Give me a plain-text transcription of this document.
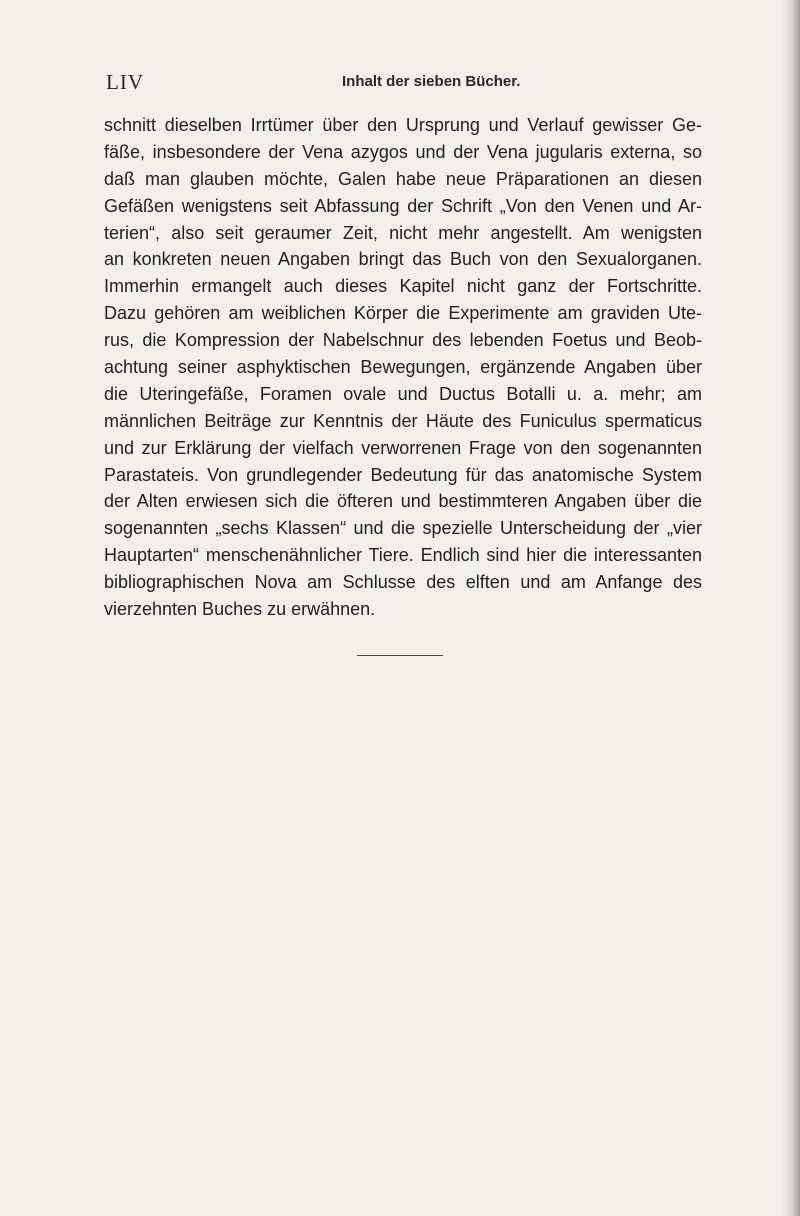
LIV	Inhalt der sieben Bücher.
schnitt dieselben Irrtümer über den Ursprung und Verlauf gewisser Ge-
fäße, insbesondere der Vena azygos und der Vena jugularis externa, so
daß man glauben möchte, Galen habe neue Präparationen an diesen
Gefäßen wenigstens seit Abfassung der Schrift „Von den Venen und Ar-
terien“, also seit geraumer Zeit, nicht mehr angestellt. Am wenigsten
an konkreten neuen Angaben bringt das Buch von den Sexualorganen.
Immerhin ermangelt auch dieses Kapitel nicht ganz der Fortschritte.
Dazu gehören am weiblichen Körper die Experimente am graviden Ute-
rus, die Kompression der Nabelschnur des lebenden Foetus und Beob-
achtung seiner asphyktischen Bewegungen, ergänzende Angaben über
die Uteringefäße, Foramen ovale und Ductus Botalli u. a. mehr; am
männlichen Beiträge zur Kenntnis der Häute des Funiculus spermaticus
und zur Erklärung der vielfach verworrenen Frage von den sogenannten
Parastateis. Von grundlegender Bedeutung für das anatomische System
der Alten erwiesen sich die öfteren und bestimmteren Angaben über die
sogenannten „sechs Klassen“ und die spezielle Unterscheidung der „vier
Hauptarten“ menschenähnlicher Tiere. Endlich sind hier die interessanten
bibliographischen Nova am Schlusse des elften und am Anfange des
vierzehnten Buches zu erwähnen.
